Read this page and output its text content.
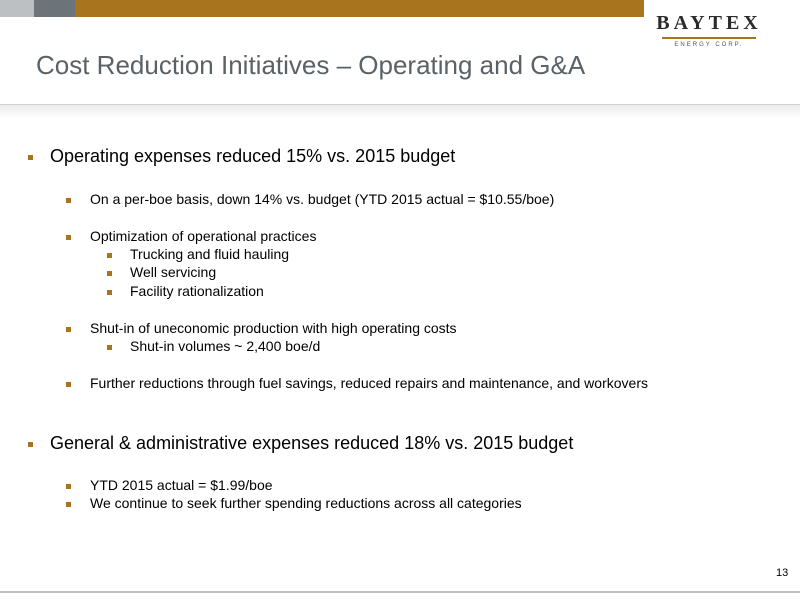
BAYTEX
ENERGY CORP.
Cost Reduction Initiatives – Operating and G&A
Operating expenses reduced 15% vs. 2015 budget
On a per-boe basis, down 14% vs. budget (YTD 2015 actual = $10.55/boe)
Optimization of operational practices
Trucking and fluid hauling
Well servicing
Facility rationalization
Shut-in of uneconomic production with high operating costs
Shut-in volumes ~ 2,400 boe/d
Further reductions through fuel savings, reduced repairs and maintenance, and workovers
General & administrative expenses reduced 18% vs. 2015 budget
YTD 2015 actual = $1.99/boe
We continue to seek further spending reductions across all categories
13
